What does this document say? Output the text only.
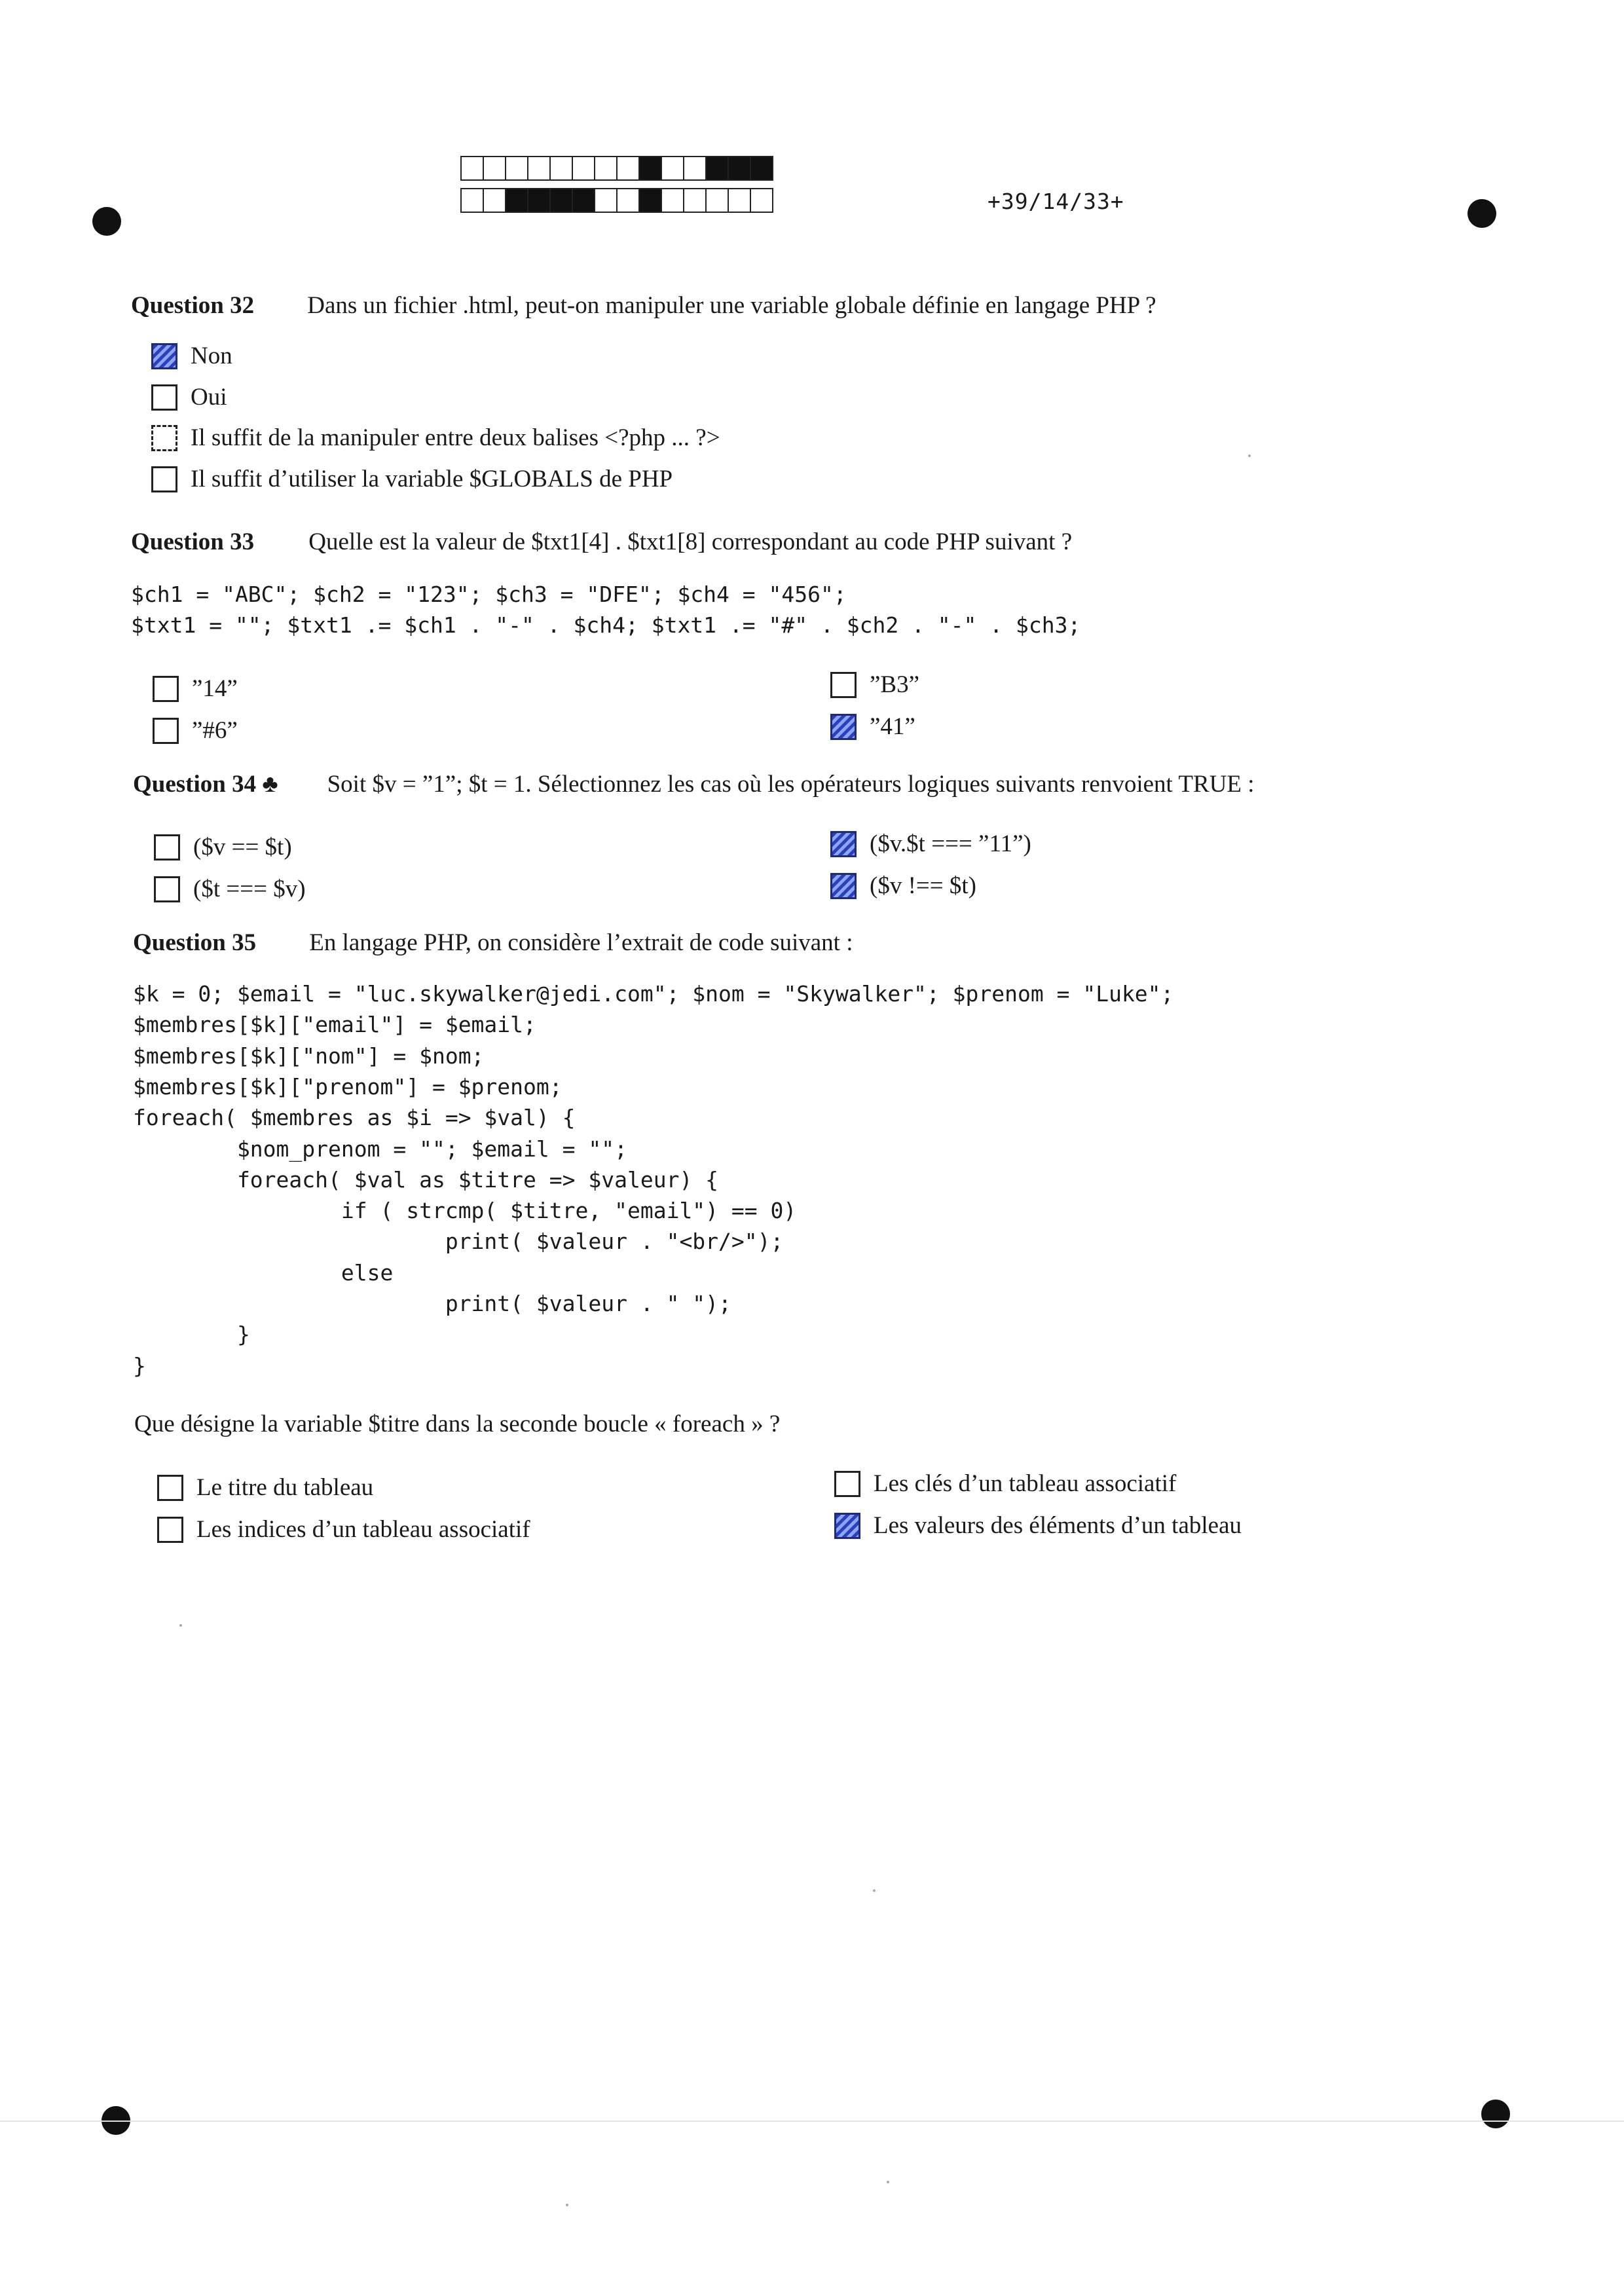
+39/14/33+
Question 32 Dans un fichier .html, peut-on manipuler une variable globale définie en langage PHP ?
Non
Oui
Il suffit de la manipuler entre deux balises <?php ... ?>
Il suffit d’utiliser la variable $GLOBALS de PHP
Question 33 Quelle est la valeur de $txt1[4] . $txt1[8] correspondant au code PHP suivant ?
$ch1 = "ABC"; $ch2 = "123"; $ch3 = "DFE"; $ch4 = "456";
$txt1 = ""; $txt1 .= $ch1 . "-" . $ch4; $txt1 .= "#" . $ch2 . "-" . $ch3;
”14”
”#6”
”B3”
”41”
Question 34 ♣ Soit $v = ”1”; $t = 1. Sélectionnez les cas où les opérateurs logiques suivants renvoient TRUE :
($v == $t)
($t === $v)
($v.$t === ”11”)
($v !== $t)
Question 35 En langage PHP, on considère l’extrait de code suivant :
$k = 0; $email = "luc.skywalker@jedi.com"; $nom = "Skywalker"; $prenom = "Luke";
$membres[$k]["email"] = $email;
$membres[$k]["nom"] = $nom;
$membres[$k]["prenom"] = $prenom;
foreach( $membres as $i => $val) {
$nom_prenom = ""; $email = "";
foreach( $val as $titre => $valeur) {
if ( strcmp( $titre, "email") == 0)
print( $valeur . "<br/>");
else
print( $valeur . " ");
}
}
Que désigne la variable $titre dans la seconde boucle « foreach » ?
Le titre du tableau
Les indices d’un tableau associatif
Les clés d’un tableau associatif
Les valeurs des éléments d’un tableau
